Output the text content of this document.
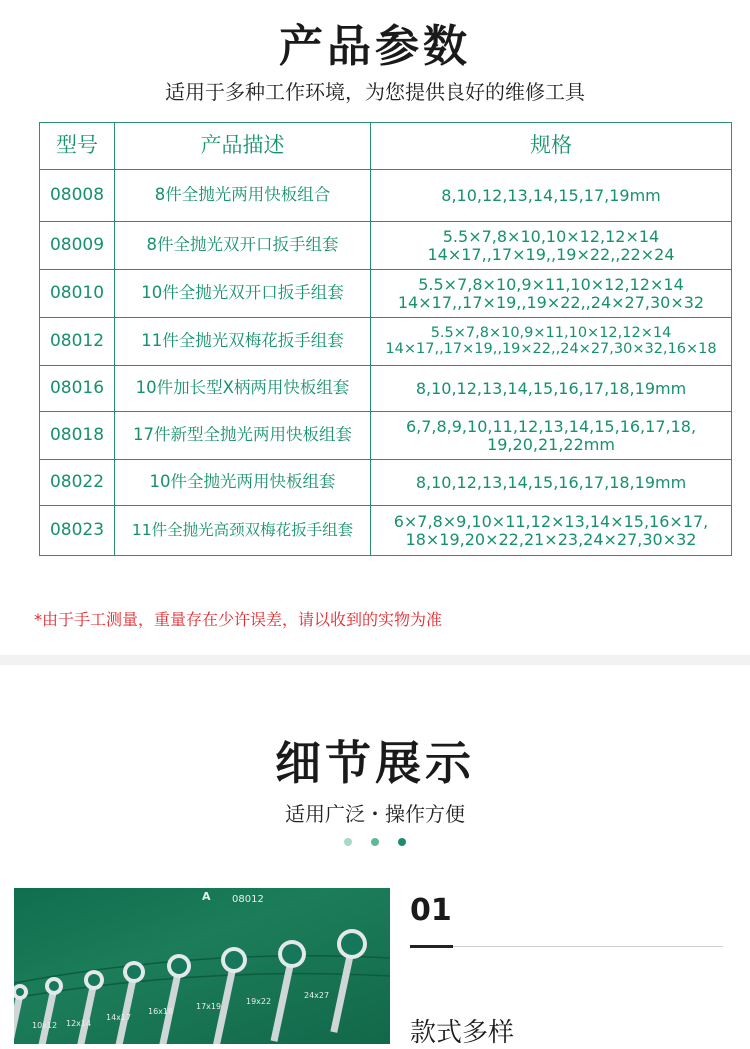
产品参数
适用于多种工作环境，为您提供良好的维修工具
型号	产品描述	规格
08008	8件全抛光两用快板组合	8,10,12,13,14,15,17,19mm

08009	8件全抛光双开口扳手组套	5.5×7,8×10,10×12,12×14
14×17,,17×19,,19×22,,22×24

08010	10件全抛光双开口扳手组套	5.5×7,8×10,9×11,10×12,12×14
14×17,,17×19,,19×22,,24×27,30×32

08012	11件全抛光双梅花扳手组套	5.5×7,8×10,9×11,10×12,12×14
14×17,,17×19,,19×22,,24×27,30×32,16×18

08016	10件加长型X柄两用快板组套	8,10,12,13,14,15,16,17,18,19mm

08018	17件新型全抛光两用快板组套	6,7,8,9,10,11,12,13,14,15,16,17,18,
19,20,21,22mm

08022	10件全抛光两用快板组套	8,10,12,13,14,15,16,17,18,19mm

08023	11件全抛光高颈双梅花扳手组套	6×7,8×9,10×11,12×13,14×15,16×17,
18×19,20×22,21×23,24×27,30×32
*由于手工测量，重量存在少许误差，请以收到的实物为准
细节展示
适用广泛・操作方便
08012
A
10x12 12x14
14x17
16x18
17x19
19x22
24x27
01
款式多样
